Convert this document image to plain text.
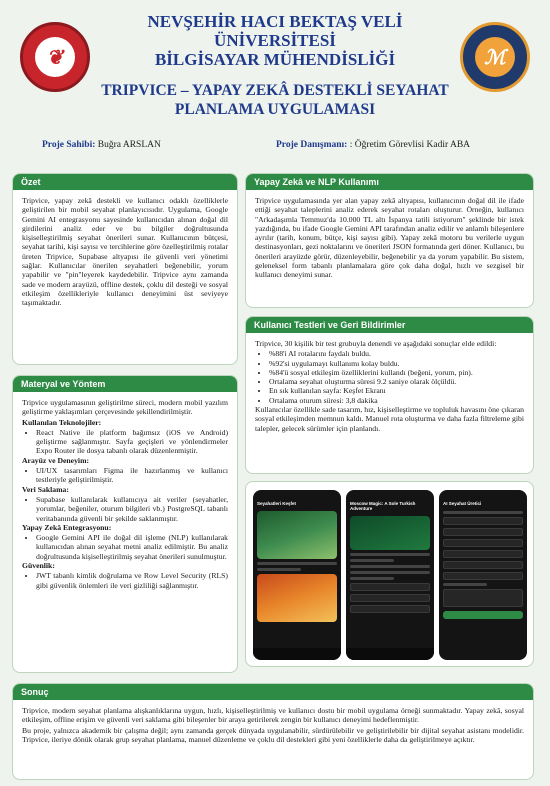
❦
NEVŞEHİR HACI BEKTAŞ VELİ
ÜNİVERSİTESİ
BİLGİSAYAR MÜHENDİSLİĞİ	ℳ
TRIPVICE – YAPAY ZEKÂ DESTEKLİ SEYAHAT
PLANLAMA UYGULAMASI
Proje Sahibi: Buğra ARSLAN	Proje Danışmanı: : Öğretim Görevlisi Kadir ABA
Özet

Tripvice, yapay zekâ destekli ve kullanıcı odaklı özelliklerle geliştirilen bir mobil seyahat planlayıcısıdır. Uygulama, Google Gemini AI entegrasyonu sayesinde kullanıcıdan alınan doğal dil girdilerini analiz eder ve bu bilgiler doğrultusunda kişiselleştirilmiş seyahat önerileri sunar. Kullanıcının bütçesi, seyahat tarihi, kişi sayısı ve tercihlerine göre özelleştirilmiş rotalar üreten Tripvice, Supabase altyapısı ile güvenli veri yönetimi sağlar. Kullanıcılar önerilen seyahatleri beğenebilir, yorum yapabilir ve "pin"leyerek kaydedebilir. Tripvice aynı zamanda sade ve modern arayüzü, offline destek, çoklu dil desteği ve sosyal etkileşim özellikleriyle kullanıcı deneyimini üst seviyeye taşımaktadır.

Materyal ve Yöntem

Tripvice uygulamasının geliştirilme süreci, modern mobil yazılım geliştirme yaklaşımları çerçevesinde şekillendirilmiştir.

Kullanılan Teknolojiler:

• React Native ile platform bağımsız (iOS ve Android) geliştirme sağlanmıştır. Sayfa geçişleri ve yönlendirmeler Expo Router ile dosya tabanlı olarak düzenlenmiştir.

Arayüz ve Deneyim:

• UI/UX tasarımları Figma ile hazırlanmış ve kullanıcı testleriyle geliştirilmiştir.

Veri Saklama:

• Supabase kullanılarak kullanıcıya ait veriler (seyahatler, yorumlar, beğeniler, oturum bilgileri vb.) PostgreSQL tabanlı veritabanında güvenli bir şekilde saklanmıştır.

Yapay Zekâ Entegrasyonu:

• Google Gemini API ile doğal dil işleme (NLP) kullanılarak kullanıcıdan alınan seyahat metni analiz edilmiştir. Bu analiz doğrultusunda kişiselleştirilmiş seyahat önerileri sunulmuştur.

Güvenlik:

• JWT tabanlı kimlik doğrulama ve Row Level Security (RLS) gibi güvenlik önlemleri ile veri gizliliği sağlanmıştır.
Yapay Zekâ ve NLP Kullanımı

Tripvice uygulamasında yer alan yapay zekâ altyapısı, kullanıcının doğal dil ile ifade ettiği seyahat taleplerini analiz ederek seyahat rotaları oluşturur. Örneğin, kullanıcı "Arkadaşımla Temmuz'da 10.000 TL altı İspanya tatili istiyorum" şeklinde bir istek yazdığında, bu ifade Google Gemini API tarafından analiz edilir ve anlamlı bileşenlere ayrılır (tarih, konum, bütçe, kişi sayısı gibi). Yapay zekâ motoru bu verilerle uygun destinasyonları, gezi noktalarını ve önerileri JSON formatında geri döner. Kullanıcı, bu önerileri arayüzde görür, düzenleyebilir, beğenebilir ya da yorum yapabilir. Bu sistem, geleneksel form tabanlı planlamalara göre çok daha doğal, hızlı ve sezgisel bir kullanıcı deneyimi sunar.

Kullanıcı Testleri ve Geri Bildirimler

Tripvice, 30 kişilik bir test grubuyla denendi ve aşağıdaki sonuçlar elde edildi:

• %88'i AI rotalarını faydalı buldu.
• %92'si uygulamayı kullanımı kolay buldu.
• %84'ü sosyal etkileşim özelliklerini kullandı (beğeni, yorum, pin).
• Ortalama seyahat oluşturma süresi 9.2 saniye olarak ölçüldü.
• En sık kullanılan sayfa: Keşfet Ekranı
• Ortalama oturum süresi: 3,8 dakika

Kullanıcılar özellikle sade tasarım, hız, kişiselleştirme ve topluluk havasını öne çıkaran sosyal etkileşimden memnun kaldı. Manuel rota oluşturma ve daha fazla filtreleme gibi talepler, gelecek sürümler için planlandı.

Seyahatleri Keşfet	Moscow Magic: A Sole Turkish Adventure
AI Seyahat Üretici
Sonuç

Tripvice, modern seyahat planlama alışkanlıklarına uygun, hızlı, kişiselleştirilmiş ve kullanıcı dostu bir mobil uygulama örneği sunmaktadır. Yapay zekâ, sosyal etkileşim, offline erişim ve güvenli veri saklama gibi bileşenler bir araya getirilerek zengin bir kullanıcı deneyimi hedeflenmiştir.

Bu proje, yalnızca akademik bir çalışma değil; aynı zamanda gerçek dünyada uygulanabilir, sürdürülebilir ve geliştirilebilir bir dijital seyahat asistanı modelidir. Tripvice, ileriye dönük olarak grup seyahat planlama, manuel düzenleme ve çoklu dil destekleri gibi yeni özelliklerle daha da geliştirilmeye açıktır.
